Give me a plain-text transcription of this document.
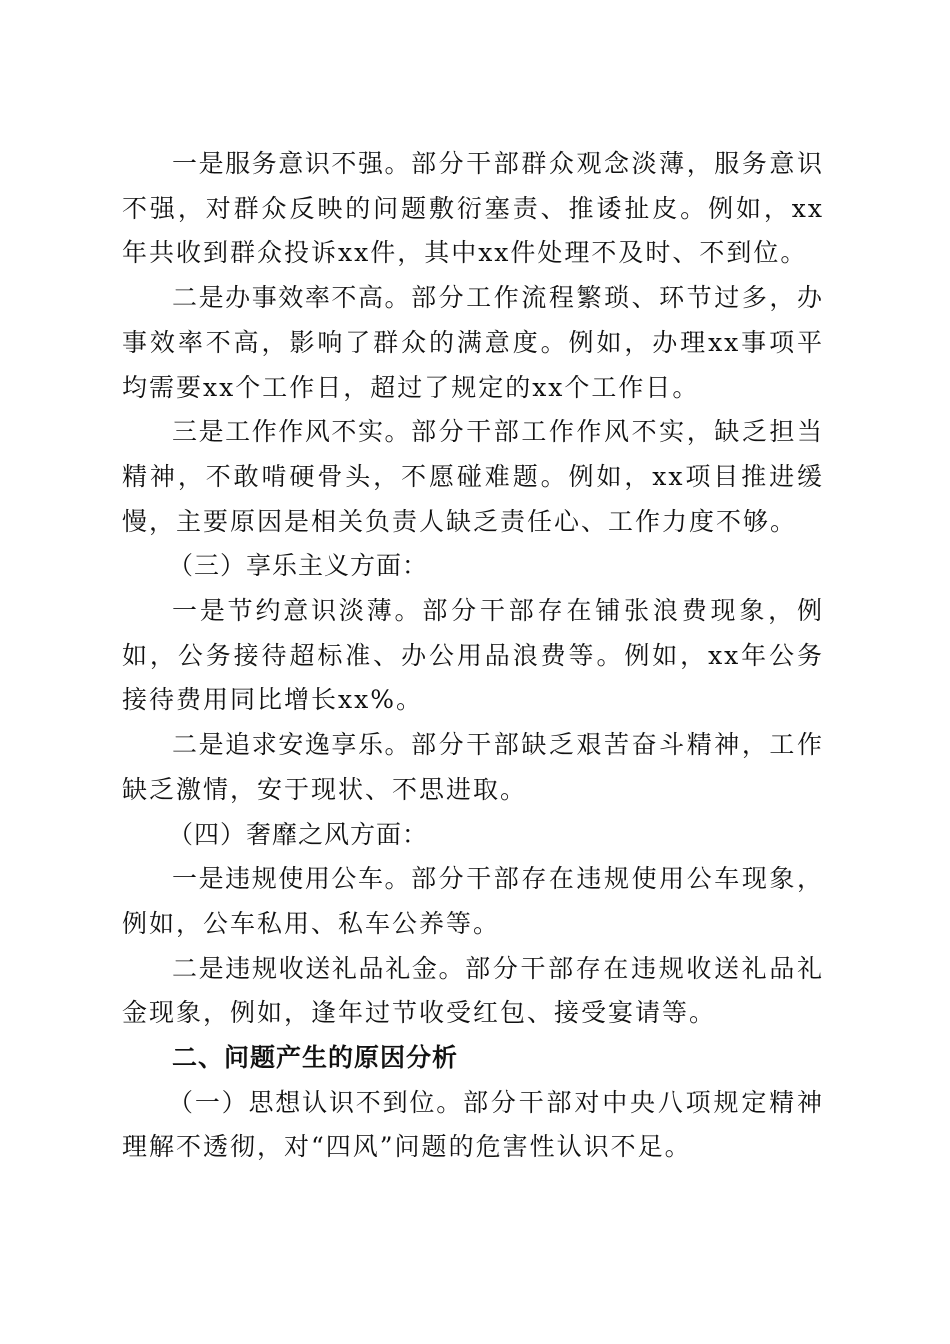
一是服务意识不强。部分干部群众观念淡薄，服务意识不强，对群众反映的问题敷衍塞责、推诿扯皮。例如，xx年共收到群众投诉xx件，其中xx件处理不及时、不到位。

二是办事效率不高。部分工作流程繁琐、环节过多，办事效率不高，影响了群众的满意度。例如，办理xx事项平均需要xx个工作日，超过了规定的xx个工作日。

三是工作作风不实。部分干部工作作风不实，缺乏担当精神，不敢啃硬骨头，不愿碰难题。例如，xx项目推进缓慢，主要原因是相关负责人缺乏责任心、工作力度不够。

（三）享乐主义方面：

一是节约意识淡薄。部分干部存在铺张浪费现象，例如，公务接待超标准、办公用品浪费等。例如，xx年公务接待费用同比增长xx%。

二是追求安逸享乐。部分干部缺乏艰苦奋斗精神，工作缺乏激情，安于现状、不思进取。

（四）奢靡之风方面：

一是违规使用公车。部分干部存在违规使用公车现象，例如，公车私用、私车公养等。

二是违规收送礼品礼金。部分干部存在违规收送礼品礼金现象，例如，逢年过节收受红包、接受宴请等。

二、问题产生的原因分析

（一）思想认识不到位。部分干部对中央八项规定精神理解不透彻，对“四风”问题的危害性认识不足。
